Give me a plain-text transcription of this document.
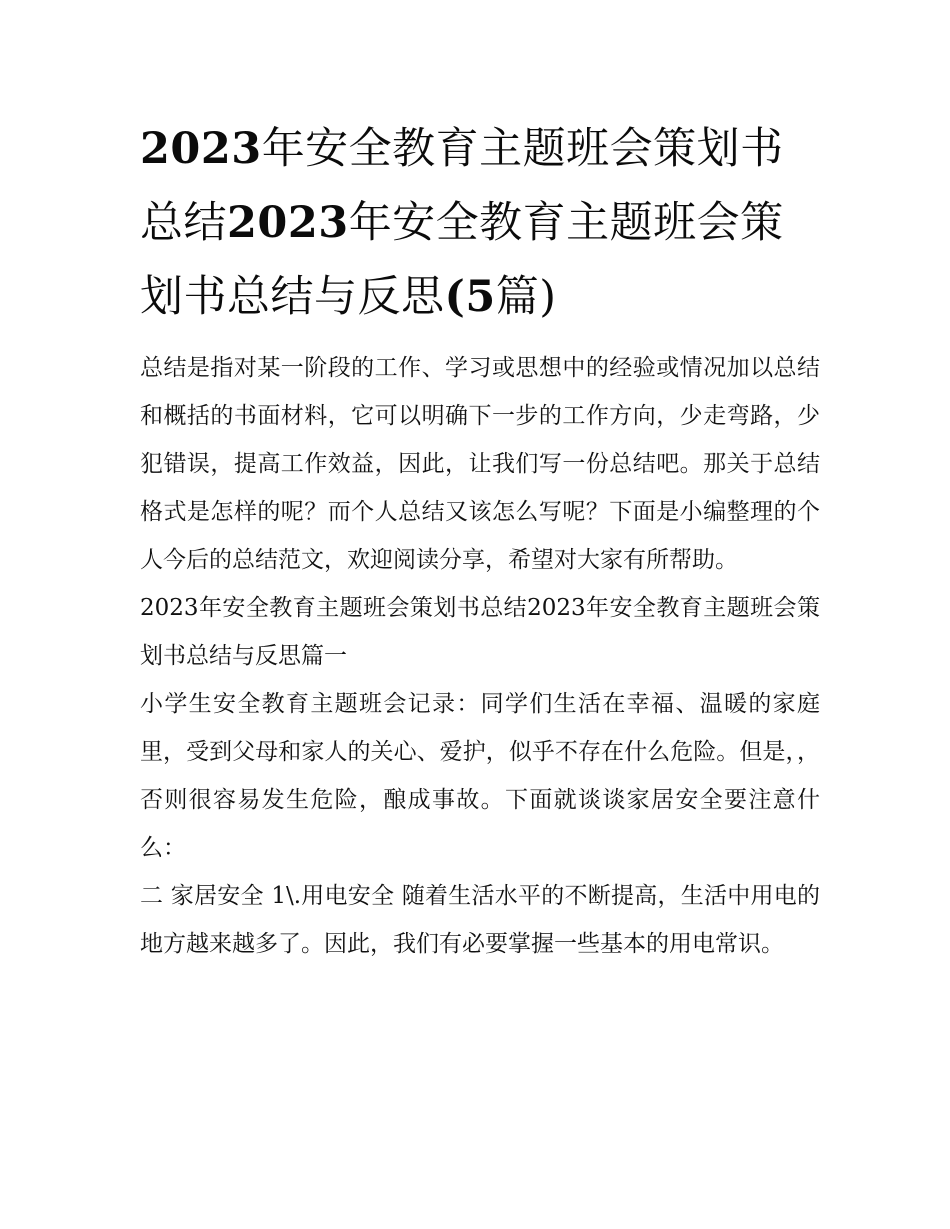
2023年安全教育主题班会策划书总结2023年安全教育主题班会策划书总结与反思(5篇)

总结是指对某一阶段的工作、学习或思想中的经验或情况加以总结和概括的书面材料，它可以明确下一步的工作方向，少走弯路，少犯错误，提高工作效益，因此，让我们写一份总结吧。那关于总结格式是怎样的呢？而个人总结又该怎么写呢？下面是小编整理的个人今后的总结范文，欢迎阅读分享，希望对大家有所帮助。

2023年安全教育主题班会策划书总结2023年安全教育主题班会策划书总结与反思篇一

小学生安全教育主题班会记录：同学们生活在幸福、温暖的家庭里，受到父母和家人的关心、爱护，似乎不存在什么危险。但是，，否则很容易发生危险，酿成事故。下面就谈谈家居安全要注意什么：

二 家居安全 1\.用电安全 随着生活水平的不断提高，生活中用电的地方越来越多了。因此，我们有必要掌握一些基本的用电常识。
